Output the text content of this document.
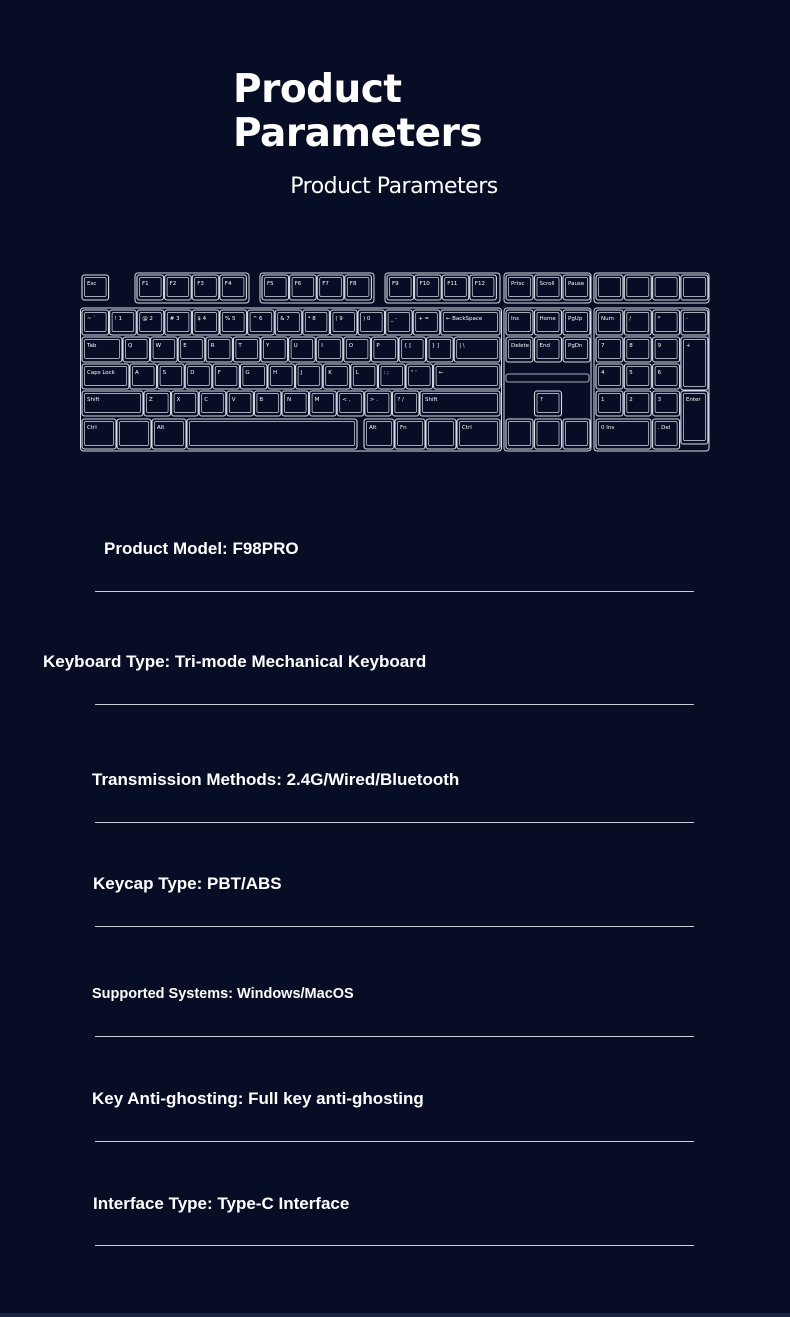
Product
Parameters
Product Parameters
Esc	F1	F2	F3	F4	F5	F6	F7	F8	F9	F10	F11	F12	Prtsc	Scroll Pause
~ `	! 1	@ 2	# 3	$ 4	% 5	^ 6	& 7	* 8	( 9	) 0	_ -	+ =	← BackSpace
Tab	Q	W	E	R	T	Y	U	I	O	P	{ [	} ]	| \
Caps Lock	A	S	D	F	G	H	J	K	L	: ;	" '	←
Shift	Z	X	C	V	B	N	M	< ,	> .	? /	Shift
Ctrl	Alt	Alt	Fn	Ctrl
Ins	Home PgUp
Delete End	PgDn
↑
Num	/	*	-
7	8	9	+
4	5	6
1	2	3	Enter
0 Ins	. Del
Product Model: F98PRO
Keyboard Type: Tri-mode Mechanical Keyboard
Transmission Methods: 2.4G/Wired/Bluetooth
Keycap Type: PBT/ABS
Supported Systems: Windows/MacOS
Key Anti-ghosting: Full key anti-ghosting
Interface Type: Type-C Interface
